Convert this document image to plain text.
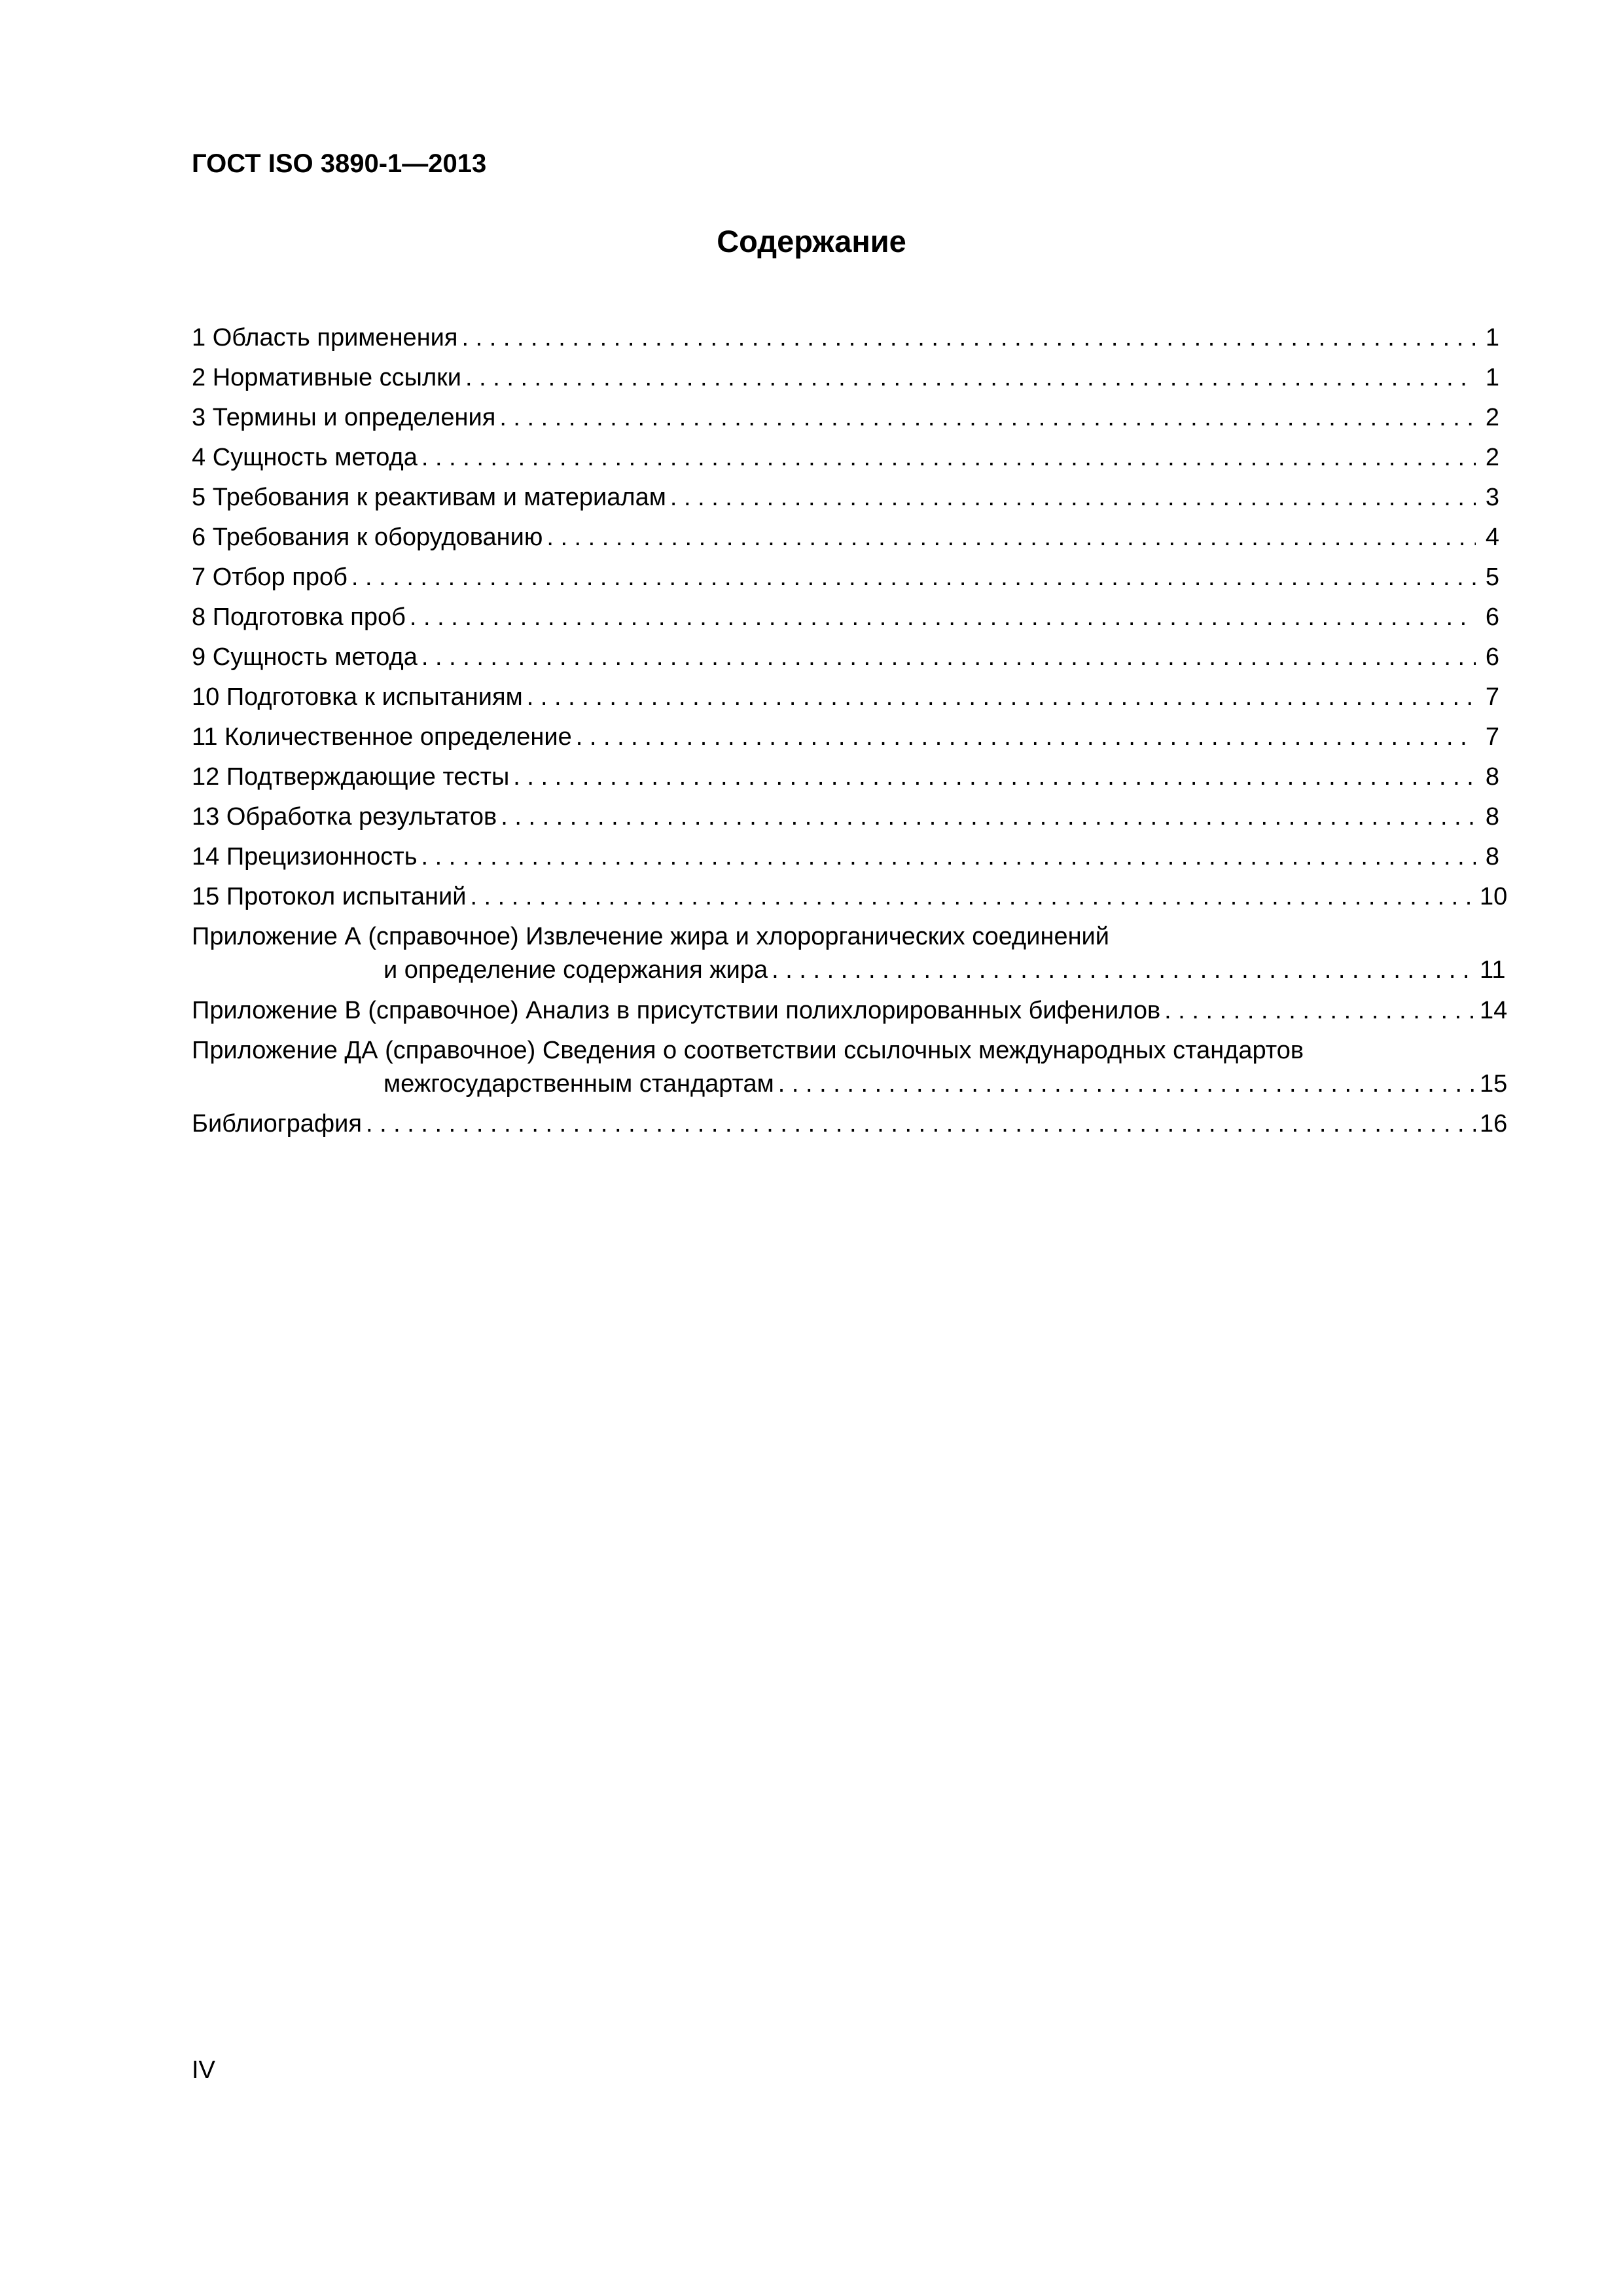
ГОСТ ISO 3890-1—2013
Содержание
1 Область применения . . .	1
2 Нормативные ссылки . . .	1
3 Термины и определения . . .	2
4 Сущность метода . . .	2
5 Требования к реактивам и материалам . . .	3
6 Требования к оборудованию . . .	4
7 Отбор проб . . .	5
8 Подготовка проб . . .	6
9 Сущность метода . . .	6
10 Подготовка к испытаниям . . .	7
11 Количественное определение . . .	7
12 Подтверждающие тесты . . .	8
13 Обработка результатов . . .	8
14 Прецизионность . . .	8
15 Протокол испытаний . . .	10
Приложение А (справочное) Извлечение жира и хлорорганических соединений
и определение содержания жира . . .	11
Приложение В (справочное) Анализ в присутствии полихлорированных бифенилов . . .	14
Приложение ДА (справочное) Сведения о соответствии ссылочных международных стандартов
межгосударственным стандартам . . .	15
Библиография . . .	16
IV
